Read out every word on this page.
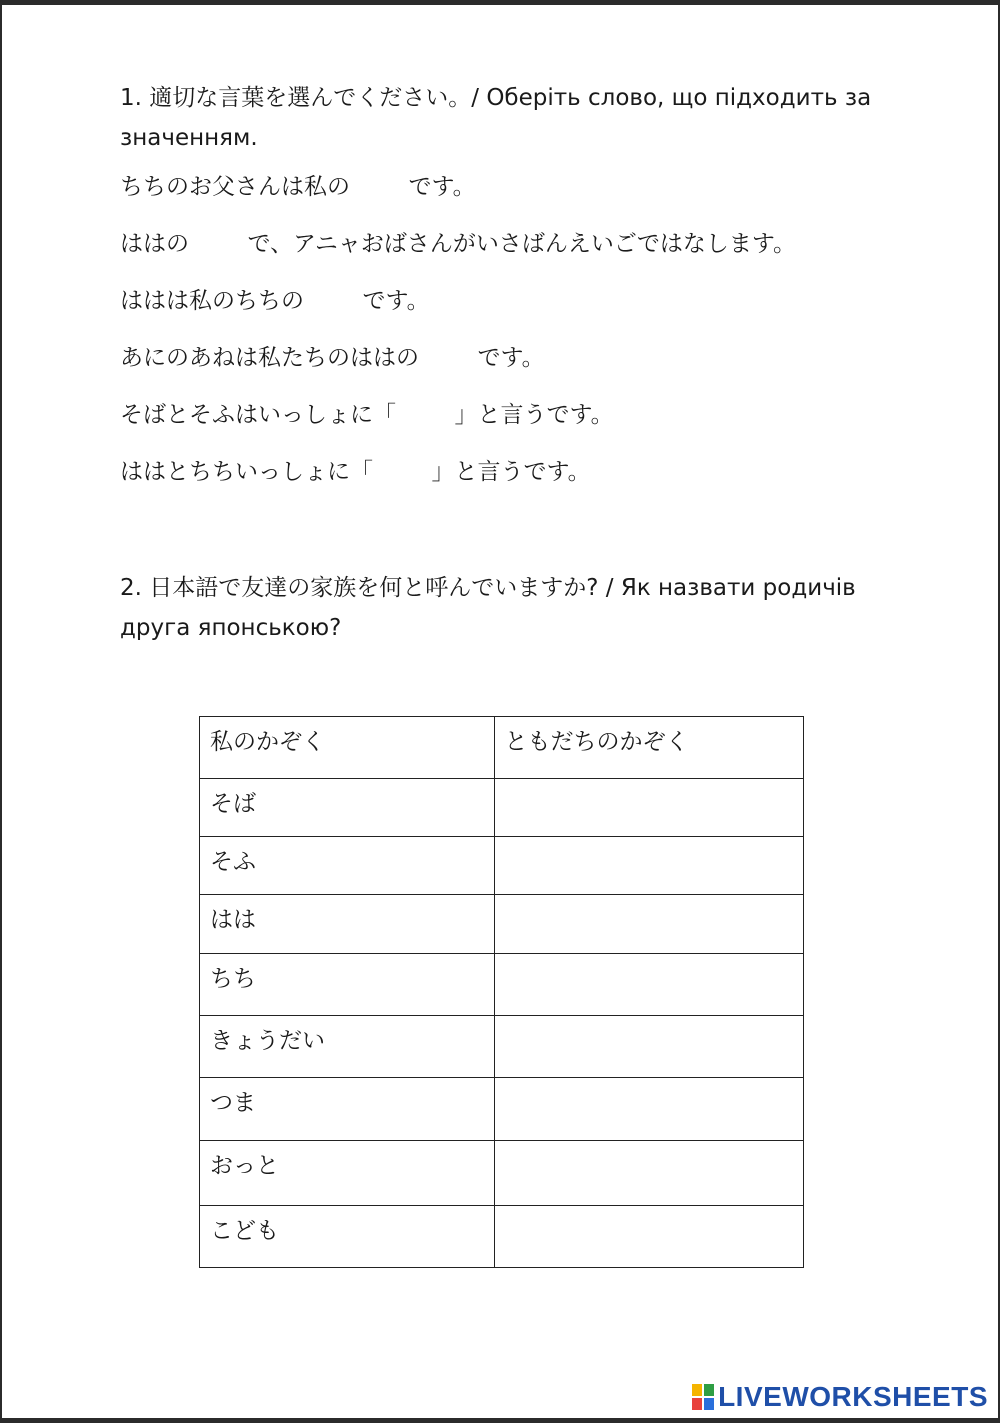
1. 適切な言葉を選んでください。/ Оберіть слово, що підходить за значенням.

ちちのお父さんは私の        です。

ははの        で、アニャおばさんがいさばんえいごではなします。

ははは私のちちの        です。

あにのあねは私たちのははの        です。

そばとそふはいっしょに「        」と言うです。

ははとちちいっしょに「        」と言うです。

2. 日本語で友達の家族を何と呼んでいますか? / Як назвати родичів друга японською?

私のかぞく	ともだちのかぞく
そば	
そふ	
はは	
ちち	
きょうだい	
つま	
おっと	
こども	
LIVEWORKSHEETS
